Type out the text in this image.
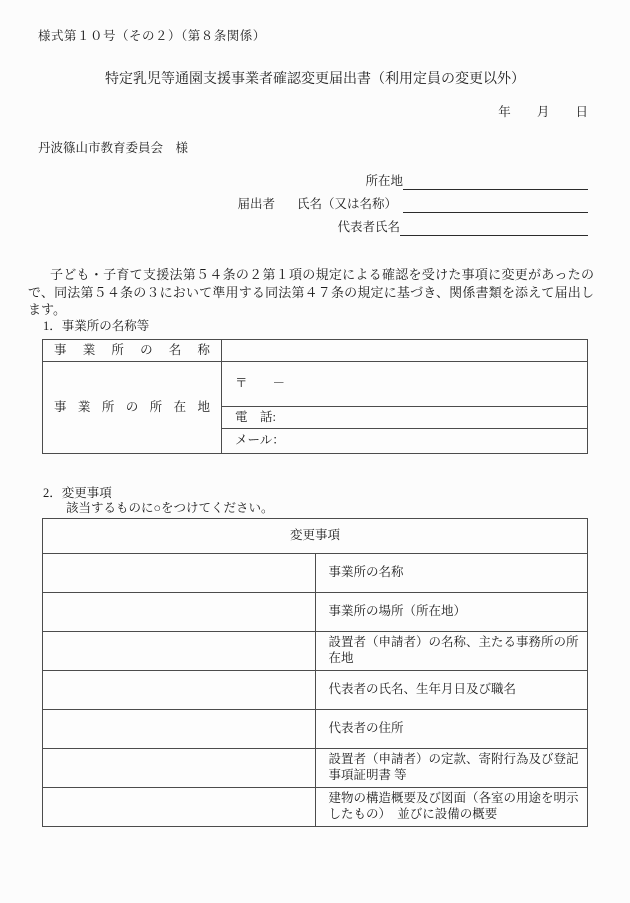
様式第１０号（その２）（第８条関係）
特定乳児等通園支援事業者確認変更届出書（利用定員の変更以外）
年 月 日
丹波篠山市教育委員会　様
所在地
届出者 氏名（又は名称）
代表者氏名

子ども・子育て支援法第５４条の２第１項の規定による確認を受けた事項に変更があったので、同法第５４条の３において準用する同法第４７条の規定に基づき、関係書類を添えて届出します。

1．事業所の名称等
事業所の名称	
事業所の所在地	〒　　－
	電　話:
	メール：
2．変更事項
該当するものに○をつけてください。
変更事項	
	事業所の名称
	事業所の場所（所在地）
	設置者（申請者）の名称、主たる事務所の所在地
	代表者の氏名、生年月日及び職名
	代表者の住所
	設置者（申請者）の定款、寄附行為及び登記事項証明書 等
	建物の構造概要及び図面（各室の用途を明示したもの）　並びに設備の概要
